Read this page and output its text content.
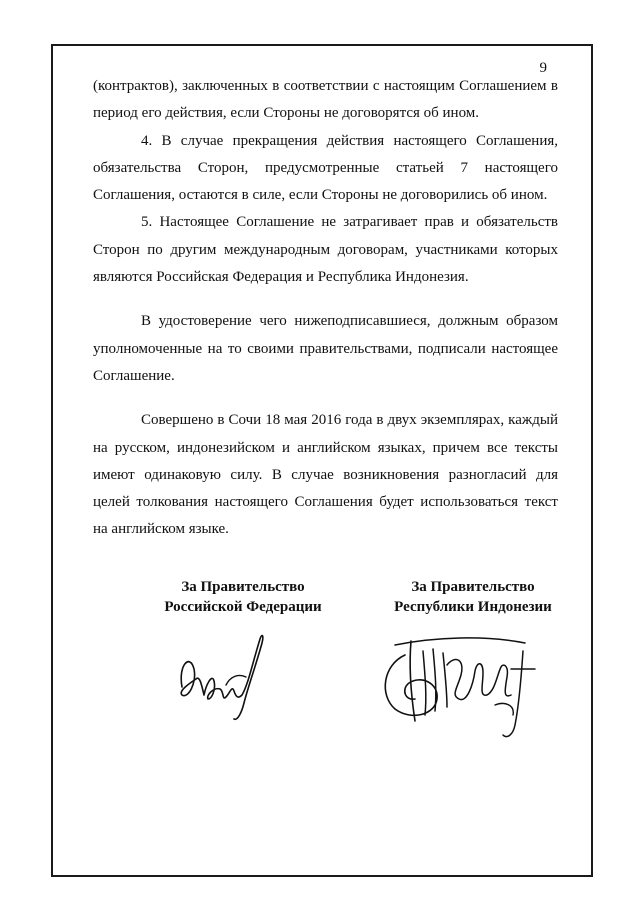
9

(контрактов), заключенных в соответствии с настоящим Соглашением в период его действия, если Стороны не договорятся об ином.

4. В случае прекращения действия настоящего Соглашения, обязательства Сторон, предусмотренные статьей 7 настоящего Соглашения, остаются в силе, если Стороны не договорились об ином.

5. Настоящее Соглашение не затрагивает прав и обязательств Сторон по другим международным договорам, участниками которых являются Российская Федерация и Республика Индонезия.

В удостоверение чего нижеподписавшиеся, должным образом уполномоченные на то своими правительствами, подписали настоящее Соглашение.

Совершено в Сочи 18 мая 2016 года в двух экземплярах, каждый на русском, индонезийском и английском языках, причем все тексты имеют одинаковую силу. В случае возникновения разногласий для целей толкования настоящего Соглашения будет использоваться текст на английском языке.

За Правительство
Российской Федерации
За Правительство
Республики Индонезии
